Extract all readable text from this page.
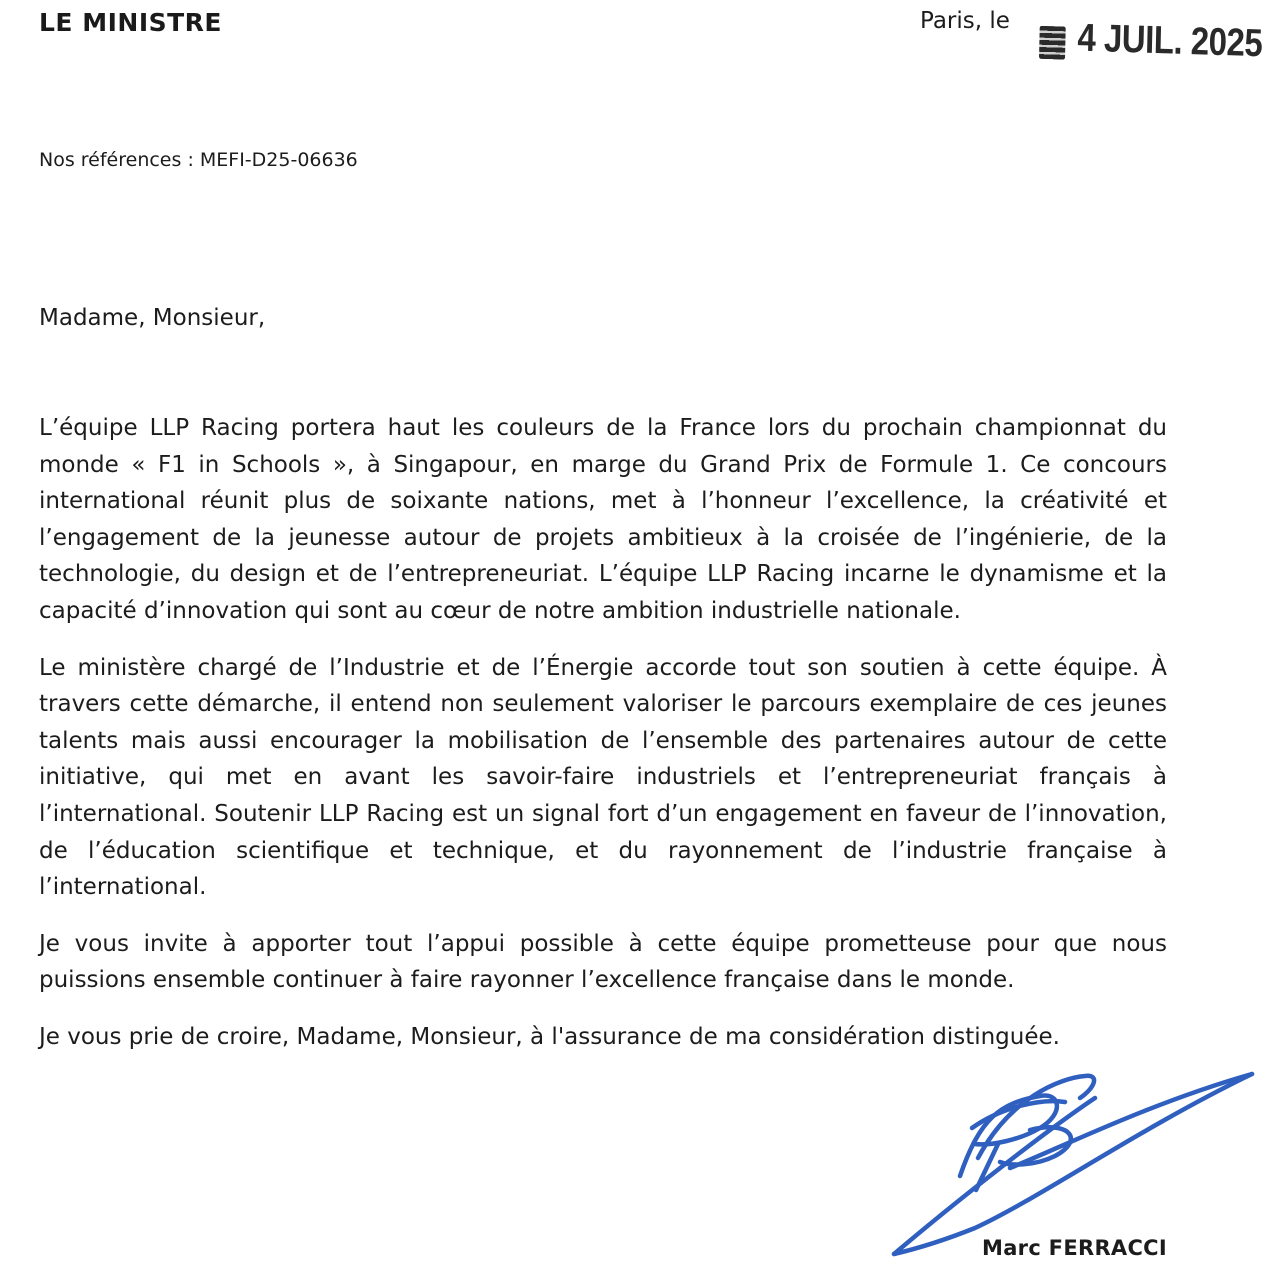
LE MINISTRE	Paris, le 4 JUIL. 2025
Nos références : MEFI-D25-06636
Madame, Monsieur,

L’équipe LLP Racing portera haut les couleurs de la France lors du prochain championnat du monde « F1 in Schools », à Singapour, en marge du Grand Prix de Formule 1. Ce concours international réunit plus de soixante nations, met à l’honneur l’excellence, la créativité et l’engagement de la jeunesse autour de projets ambitieux à la croisée de l’ingénierie, de la technologie, du design et de l’entrepreneuriat. L’équipe LLP Racing incarne le dynamisme et la capacité d’innovation qui sont au cœur de notre ambition industrielle nationale.

Le ministère chargé de l’Industrie et de l’Énergie accorde tout son soutien à cette équipe. À travers cette démarche, il entend non seulement valoriser le parcours exemplaire de ces jeunes talents mais aussi encourager la mobilisation de l’ensemble des partenaires autour de cette initiative, qui met en avant les savoir-faire industriels et l’entrepreneuriat français à l’international. Soutenir LLP Racing est un signal fort d’un engagement en faveur de l’innovation, de l’éducation scientifique et technique, et du rayonnement de l’industrie française à l’international.

Je vous invite à apporter tout l’appui possible à cette équipe prometteuse pour que nous puissions ensemble continuer à faire rayonner l’excellence française dans le monde.

Je vous prie de croire, Madame, Monsieur, à l'assurance de ma considération distinguée.

Marc FERRACCI
